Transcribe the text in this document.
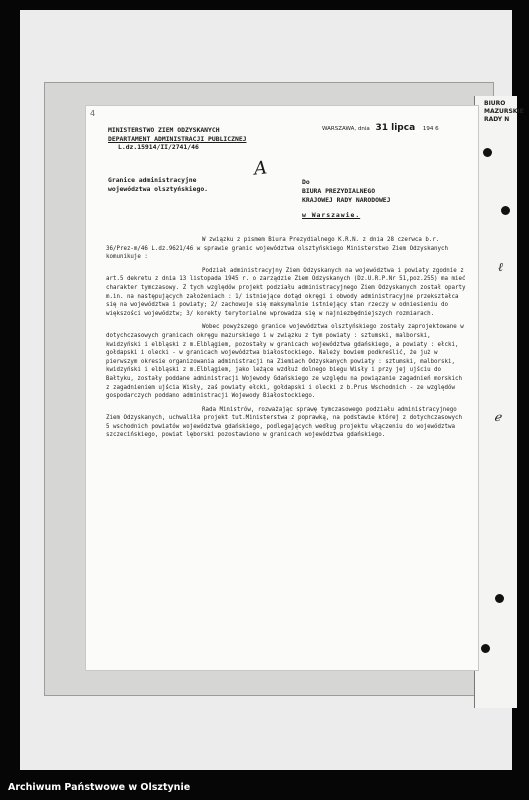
BIURO
MAZURSKIE
RADY N
4
MINISTERSTWO ZIEM ODZYSKANYCH
DEPARTAMENT ADMINISTRACJI PUBLICZNEJ
L.dz.15914/II/2741/46
WARSZAWA, dnia 31 lipca 194 6
A
Granice administracyjne
województwa olsztyńskiego.
Do
BIURA PREZYDIALNEGO
KRAJOWEJ RADY NARODOWEJ
w Warszawie.

W związku z pismem Biura Prezydialnego K.R.N. z dnia 28 czerwca b.r. 36/Prez-m/46 L.dz.9621/46 w sprawie granic województwa olsztyńskiego Ministerstwo Ziem Odzyskanych komunikuje :

Podział administracyjny Ziem Odzyskanych na województwa i powiaty zgodnie z art.5 dekretu z dnia 13 listopada 1945 r. o zarządzie Ziem Odzyskanych (Dz.U.R.P.Nr 51,poz.255) ma mieć charakter tymczasowy. Z tych względów projekt podziału administracyjnego Ziem Odzyskanych został oparty m.in. na następujących założeniach : 1/ istniejące dotąd okręgi i obwody administracyjne przekształca się na województwa i powiaty; 2/ zachowuje się maksymalnie istniejący stan rzeczy w odniesieniu do większości województw; 3/ korekty terytorialne wprowadza się w najniezbędniejszych rozmiarach.

Wobec powyższego granice województwa olsztyńskiego zostały zaprojektowane w dotychczasowych granicach okręgu mazurskiego i w związku z tym powiaty : sztumski, malborski, kwidzyński i elbląski z m.Elblągiem, pozostały w granicach województwa gdańskiego, a powiaty : ełcki, gołdapski i olecki - w granicach województwa białostockiego. Należy bowiem podkreślić, że już w pierwszym okresie organizowania administracji na Ziemiach Odzyskanych powiaty : sztumski, malborski, kwidzyński i elbląski z m.Elblągiem, jako leżące wzdłuż dolnego biegu Wisły i przy jej ujściu do Bałtyku, zostały poddane administracji Wojewody Gdańskiego ze względu na powiązanie zagadnień morskich z zagadnieniem ujścia Wisły, zaś powiaty ełcki, gołdapski i olecki z b.Prus Wschodnich - ze względów gospodarczych poddano administracji Wojewody Białostockiego.

Rada Ministrów, rozważając sprawę tymczasowego podziału administracyjnego Ziem Odzyskanych, uchwaliła projekt tut.Ministerstwa z poprawką, na podstawie której z dotychczasowych 5 wschodnich powiatów województwa gdańskiego, podlegających według projektu włączeniu do województwa szczecińskiego, powiat lęborski pozostawiono w granicach województwa gdańskiego.

ℓ
ℯ
Archiwum Państwowe w Olsztynie
